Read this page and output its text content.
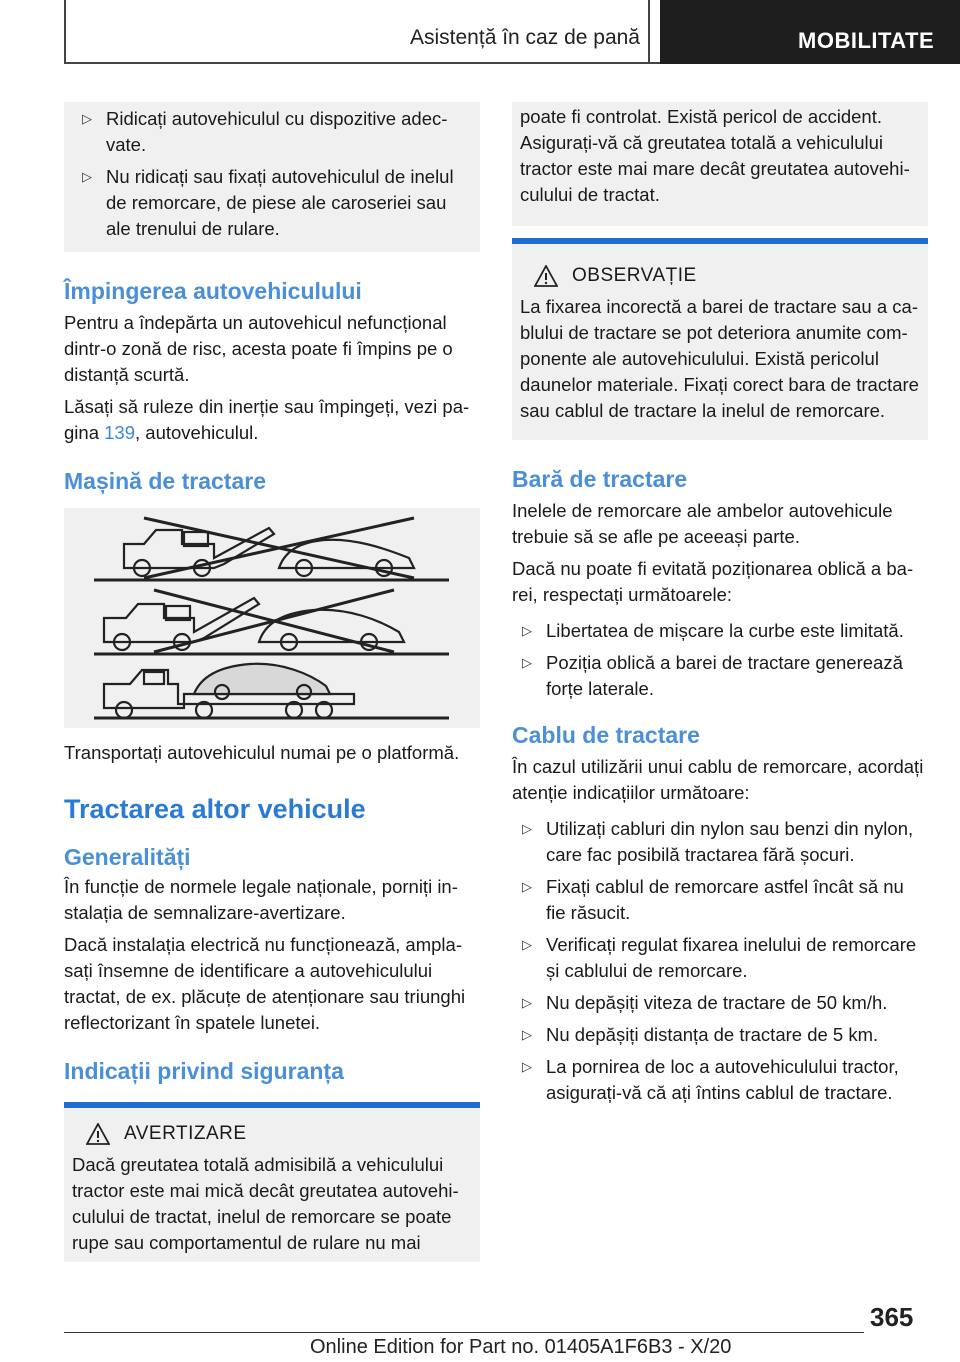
Asistență în caz de pană	MOBILITATE
▷ Ridicați autovehiculul cu dispozitive adecvate.
▷ Nu ridicați sau fixați autovehiculul de inelul de remorcare, de piese ale caroseriei sau ale trenului de rulare.
Împingerea autovehiculului

Pentru a îndepărta un autovehicul nefuncțional dintr-o zonă de risc, acesta poate fi împins pe o distanță scurtă.

Lăsați să ruleze din inerție sau împingeți, vezi pagina 139, autovehiculul.

Mașină de tractare

Transportați autovehiculul numai pe o platformă.

Tractarea altor vehicule
Generalități

În funcție de normele legale naționale, porniți instalația de semnalizare-avertizare.

Dacă instalația electrică nu funcționează, amplasați însemne de identificare a autovehiculului tractat, de ex. plăcuțe de atenționare sau triunghi reflectorizant în spatele lunetei.

Indicații privind siguranța
AVERTIZARE

Dacă greutatea totală admisibilă a vehiculului tractor este mai mică decât greutatea autovehiculului de tractat, inelul de remorcare se poate rupe sau comportamentul de rulare nu mai

poate fi controlat. Există pericol de accident. Asigurați-vă că greutatea totală a vehiculului tractor este mai mare decât greutatea autovehiculului de tractat.

OBSERVAȚIE

La fixarea incorectă a barei de tractare sau a cablului de tractare se pot deteriora anumite componente ale autovehiculului. Există pericolul daunelor materiale. Fixați corect bara de tractare sau cablul de tractare la inelul de remorcare.

Bară de tractare

Inelele de remorcare ale ambelor autovehicule trebuie să se afle pe aceeași parte.

Dacă nu poate fi evitată poziționarea oblică a barei, respectați următoarele:

▷ Libertatea de mișcare la curbe este limitată.
▷ Poziția oblică a barei de tractare generează forțe laterale.
Cablu de tractare

În cazul utilizării unui cablu de remorcare, acordați atenție indicațiilor următoare:

▷ Utilizați cabluri din nylon sau benzi din nylon, care fac posibilă tractarea fără șocuri.
▷ Fixați cablul de remorcare astfel încât să nu fie răsucit.
▷ Verificați regulat fixarea inelului de remorcare și cablului de remorcare.
▷ Nu depășiți viteza de tractare de 50 km/h.
▷ Nu depășiți distanța de tractare de 5 km.
▷ La pornirea de loc a autovehiculului tractor, asigurați-vă că ați întins cablul de tractare.
365
Online Edition for Part no. 01405A1F6B3 - X/20
